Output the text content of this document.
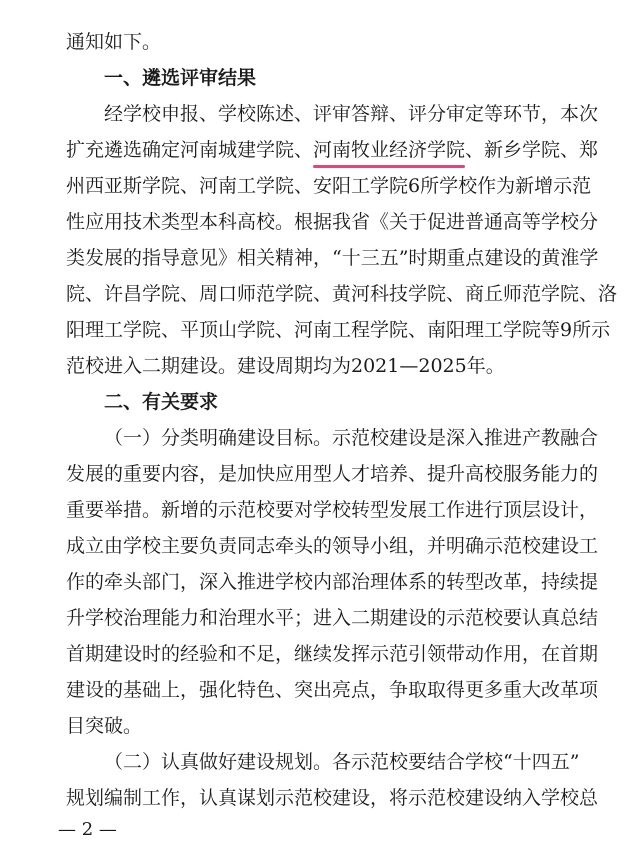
通知如下。
一、遴选评审结果
经学校申报、学校陈述、评审答辩、评分审定等环节，本次
扩充遴选确定河南城建学院、河南牧业经济学院
、新乡学院、郑
州西亚斯学院、河南工学院、安阳工学院6所学校作为新增示范
性应用技术类型本科高校。根据我省《关于促进普通高等学校分
类发展的指导意见》相关精神，“十三五”时期重点建设的黄淮学
院、许昌学院、周口师范学院、黄河科技学院、商丘师范学院、洛
阳理工学院、平顶山学院、河南工程学院、南阳理工学院等9所示
范校进入二期建设。建设周期均为2021—2025年。
二、有关要求
（一）分类明确建设目标。示范校建设是深入推进产教融合
发展的重要内容，是加快应用型人才培养、提升高校服务能力的
重要举措。新增的示范校要对学校转型发展工作进行顶层设计，
成立由学校主要负责同志牵头的领导小组，并明确示范校建设工
作的牵头部门，深入推进学校内部治理体系的转型改革，持续提
升学校治理能力和治理水平；进入二期建设的示范校要认真总结
首期建设时的经验和不足，继续发挥示范引领带动作用，在首期
建设的基础上，强化特色、突出亮点，争取取得更多重大改革项
目突破。
（二）认真做好建设规划。各示范校要结合学校“十四五”
规划编制工作，认真谋划示范校建设，将示范校建设纳入学校总
— 2 —
